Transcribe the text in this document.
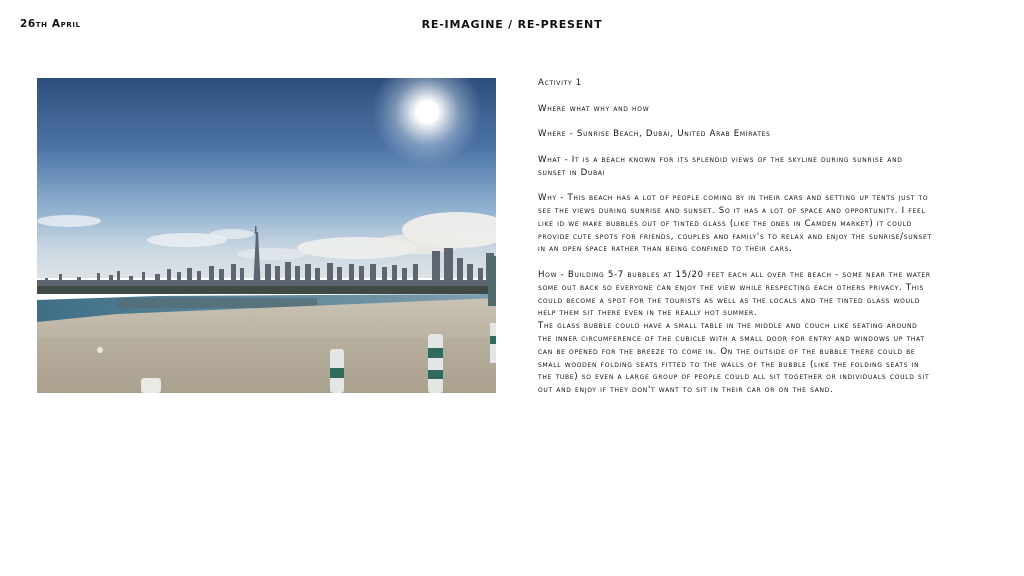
26th April	RE-IMAGINE / RE-PRESENT

Activity 1

Where what why and how

Where - Sunrise Beach, Dubai, United Arab Emirates

What - It is a beach known for its splendid views of the skyline during sunrise and sunset in Dubai

Why - This beach has a lot of people coming by in their cars and setting up tents just to see the views during sunrise and sunset. So it has a lot of space and opportunity. I feel like id we make bubbles out of tinted glass (like the ones in Camden market) it could provide cute spots for friends, couples and family's to relax and enjoy the sunrise/sunset in an open space rather than being confined to their cars.

How - Building 5-7 bubbles at 15/20 feet each all over the beach - some near the water some out back so everyone can enjoy the view while respecting each others privacy. This could become a spot for the tourists as well as the locals and the tinted glass would help them sit there even in the really hot summer.

The glass bubble could have a small table in the middle and couch like seating around the inner circumference of the cubicle with a small door for entry and windows up that can be opened for the breeze to come in. On the outside of the bubble there could be small wooden folding seats fitted to the walls of the bubble (like the folding seats in the tube) so even a large group of people could all sit together or individuals could sit out and enjoy if they don't want to sit in their car or on the sand.
